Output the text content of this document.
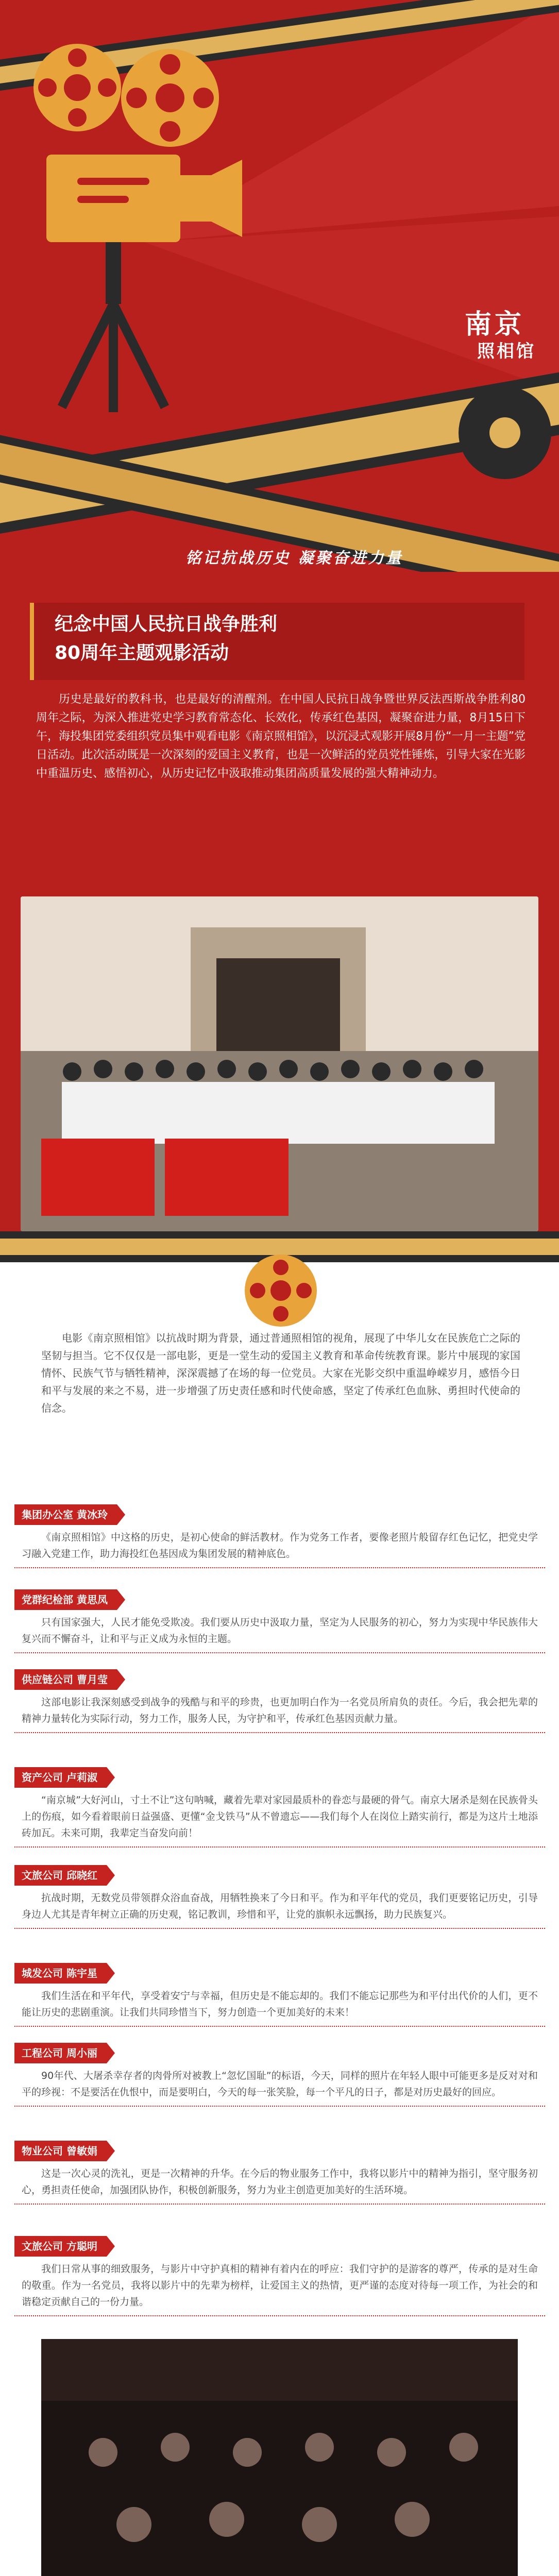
南京
照相馆
铭记抗战历史 凝聚奋进力量
纪念中国人民抗日战争胜利
80周年主题观影活动

历史是最好的教科书，也是最好的清醒剂。在中国人民抗日战争暨世界反法西斯战争胜利80周年之际，为深入推进党史学习教育常态化、长效化，传承红色基因，凝聚奋进力量，8月15日下午，海投集团党委组织党员集中观看电影《南京照相馆》，以沉浸式观影开展8月份“一月一主题”党日活动。此次活动既是一次深刻的爱国主义教育，也是一次鲜活的党员党性锤炼，引导大家在光影中重温历史、感悟初心，从历史记忆中汲取推动集团高质量发展的强大精神动力。

电影《南京照相馆》以抗战时期为背景，通过普通照相馆的视角，展现了中华儿女在民族危亡之际的坚韧与担当。它不仅仅是一部电影，更是一堂生动的爱国主义教育和革命传统教育课。影片中展现的家国情怀、民族气节与牺牲精神，深深震撼了在场的每一位党员。大家在光影交织中重温峥嵘岁月，感悟今日和平与发展的来之不易，进一步增强了历史责任感和时代使命感，坚定了传承红色血脉、勇担时代使命的信念。

集团办公室 黄冰玲

《南京照相馆》中这格的历史，是初心使命的鲜活教材。作为党务工作者，要像老照片般留存红色记忆，把党史学习融入党建工作，助力海投红色基因成为集团发展的精神底色。

党群纪检部 黄思凤

只有国家强大，人民才能免受欺凌。我们要从历史中汲取力量，坚定为人民服务的初心，努力为实现中华民族伟大复兴而不懈奋斗，让和平与正义成为永恒的主题。

供应链公司 曹月莹

这部电影让我深刻感受到战争的残酷与和平的珍贵，也更加明白作为一名党员所肩负的责任。今后，我会把先辈的精神力量转化为实际行动，努力工作，服务人民，为守护和平，传承红色基因贡献力量。

资产公司 卢莉淑

“南京城”大好河山，寸土不让”这句呐喊，藏着先辈对家园最质朴的眷恋与最硬的骨气。南京大屠杀是刻在民族骨头上的伤痕，如今看着眼前日益强盛、更懂“金戈铁马”从不曾遗忘——我们每个人在岗位上踏实前行，都是为这片土地添砖加瓦。未来可期，我辈定当奋发向前！

文旅公司 邱晓红

抗战时期，无数党员带领群众浴血奋战，用牺牲换来了今日和平。作为和平年代的党员，我们更要铭记历史，引导身边人尤其是青年树立正确的历史观，铭记教训，珍惜和平，让党的旗帜永远飘扬，助力民族复兴。

城发公司 陈宇星

我们生活在和平年代，享受着安宁与幸福，但历史是不能忘却的。我们不能忘记那些为和平付出代价的人们，更不能让历史的悲剧重演。让我们共同珍惜当下，努力创造一个更加美好的未来！

工程公司 周小丽

90年代、大屠杀幸存者的肉骨所对被教上“忽忆国耻”的标语，今天，同样的照片在年轻人眼中可能更多是反对对和平的珍视：不是要活在仇恨中，而是要明白，今天的每一张笑脸，每一个平凡的日子，都是对历史最好的回应。

物业公司 曾敏娟

这是一次心灵的洗礼，更是一次精神的升华。在今后的物业服务工作中，我将以影片中的精神为指引，坚守服务初心，勇担责任使命，加强团队协作，积极创新服务，努力为业主创造更加美好的生活环境。

文旅公司 方聪明

我们日常从事的细致服务，与影片中守护真相的精神有着内在的呼应：我们守护的是游客的尊严，传承的是对生命的敬重。作为一名党员，我将以影片中的先辈为榜样，让爱国主义的热情，更严谨的态度对待每一项工作，为社会的和谐稳定贡献自己的一份力量。
